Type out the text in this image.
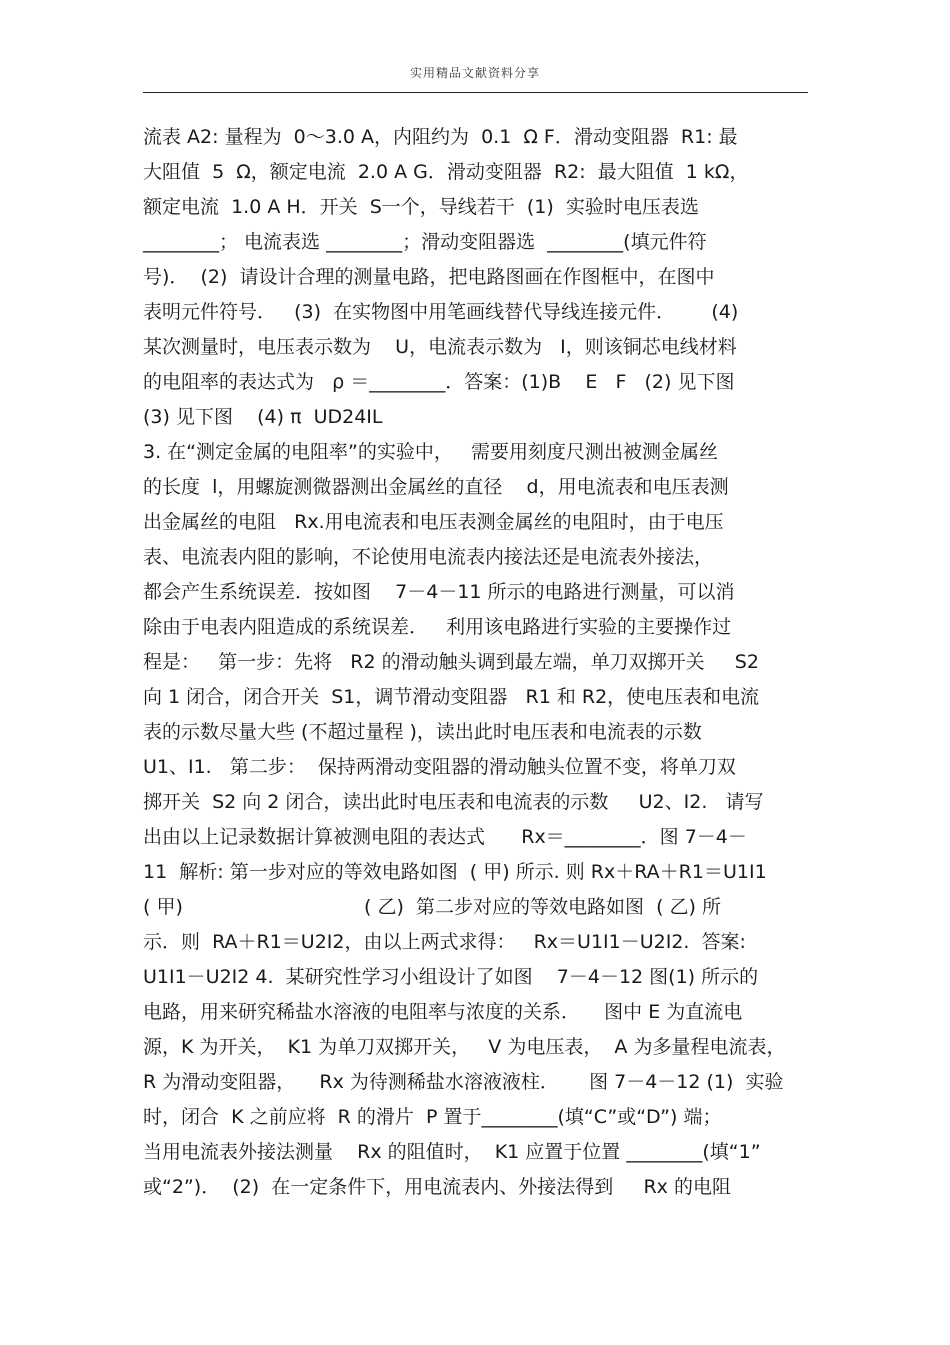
实用精品文献资料分享
流表 A2: 量程为  0～3.0 A，内阻约为  0.1  Ω F．滑动变阻器  R1: 最
大阻值  5  Ω，额定电流  2.0 A G．滑动变阻器  R2:  最大阻值  1 kΩ，
额定电流  1.0 A H．开关  S一个，导线若干  (1)  实验时电压表选
________； 电流表选 ________；滑动变阻器选  ________(填元件符
号)．  (2)  请设计合理的测量电路，把电路图画在作图框中，在图中
表明元件符号．   (3)  在实物图中用笔画线替代导线连接元件．      (4)
某次测量时，电压表示数为    U，电流表示数为   I，则该铜芯电线材料
的电阻率的表达式为   ρ ＝________．答案：(1)B    E   F   (2) 见下图
(3) 见下图    (4) π  UD24IL
3. 在“测定金属的电阻率”的实验中，   需要用刻度尺测出被测金属丝
的长度  l，用螺旋测微器测出金属丝的直径    d，用电流表和电压表测
出金属丝的电阻   Rx.用电流表和电压表测金属丝的电阻时，由于电压
表、电流表内阻的影响，不论使用电流表内接法还是电流表外接法，
都会产生系统误差．按如图    7－4－11 所示的电路进行测量，可以消
除由于电表内阻造成的系统误差．   利用该电路进行实验的主要操作过
程是：   第一步：先将   R2 的滑动触头调到最左端，单刀双掷开关     S2
向 1 闭合，闭合开关  S1，调节滑动变阻器   R1 和 R2，使电压表和电流
表的示数尽量大些 (不超过量程 )，读出此时电压表和电流表的示数
U1、I1.   第二步：  保持两滑动变阻器的滑动触头位置不变，将单刀双
掷开关  S2 向 2 闭合，读出此时电压表和电流表的示数     U2、I2.   请写
出由以上记录数据计算被测电阻的表达式      Rx＝________．图 7－4－
11  解析: 第一步对应的等效电路如图  ( 甲) 所示. 则 Rx＋RA＋R1＝U1I1
( 甲)                              ( 乙)  第二步对应的等效电路如图  ( 乙) 所
示．则  RA＋R1＝U2I2，由以上两式求得：   Rx＝U1I1－U2I2.  答案:
U1I1－U2I2 4.  某研究性学习小组设计了如图    7－4－12 图(1) 所示的
电路，用来研究稀盐水溶液的电阻率与浓度的关系．    图中 E 为直流电
源，K 为开关，  K1 为单刀双掷开关，   V 为电压表，  A 为多量程电流表，
R 为滑动变阻器，    Rx 为待测稀盐水溶液液柱．     图 7－4－12 (1)  实验
时，闭合  K 之前应将  R 的滑片  P 置于________(填“C”或“D”) 端；
当用电流表外接法测量    Rx 的阻值时，  K1 应置于位置 ________(填“1”
或“2”)．  (2)  在一定条件下，用电流表内、外接法得到     Rx 的电阻
